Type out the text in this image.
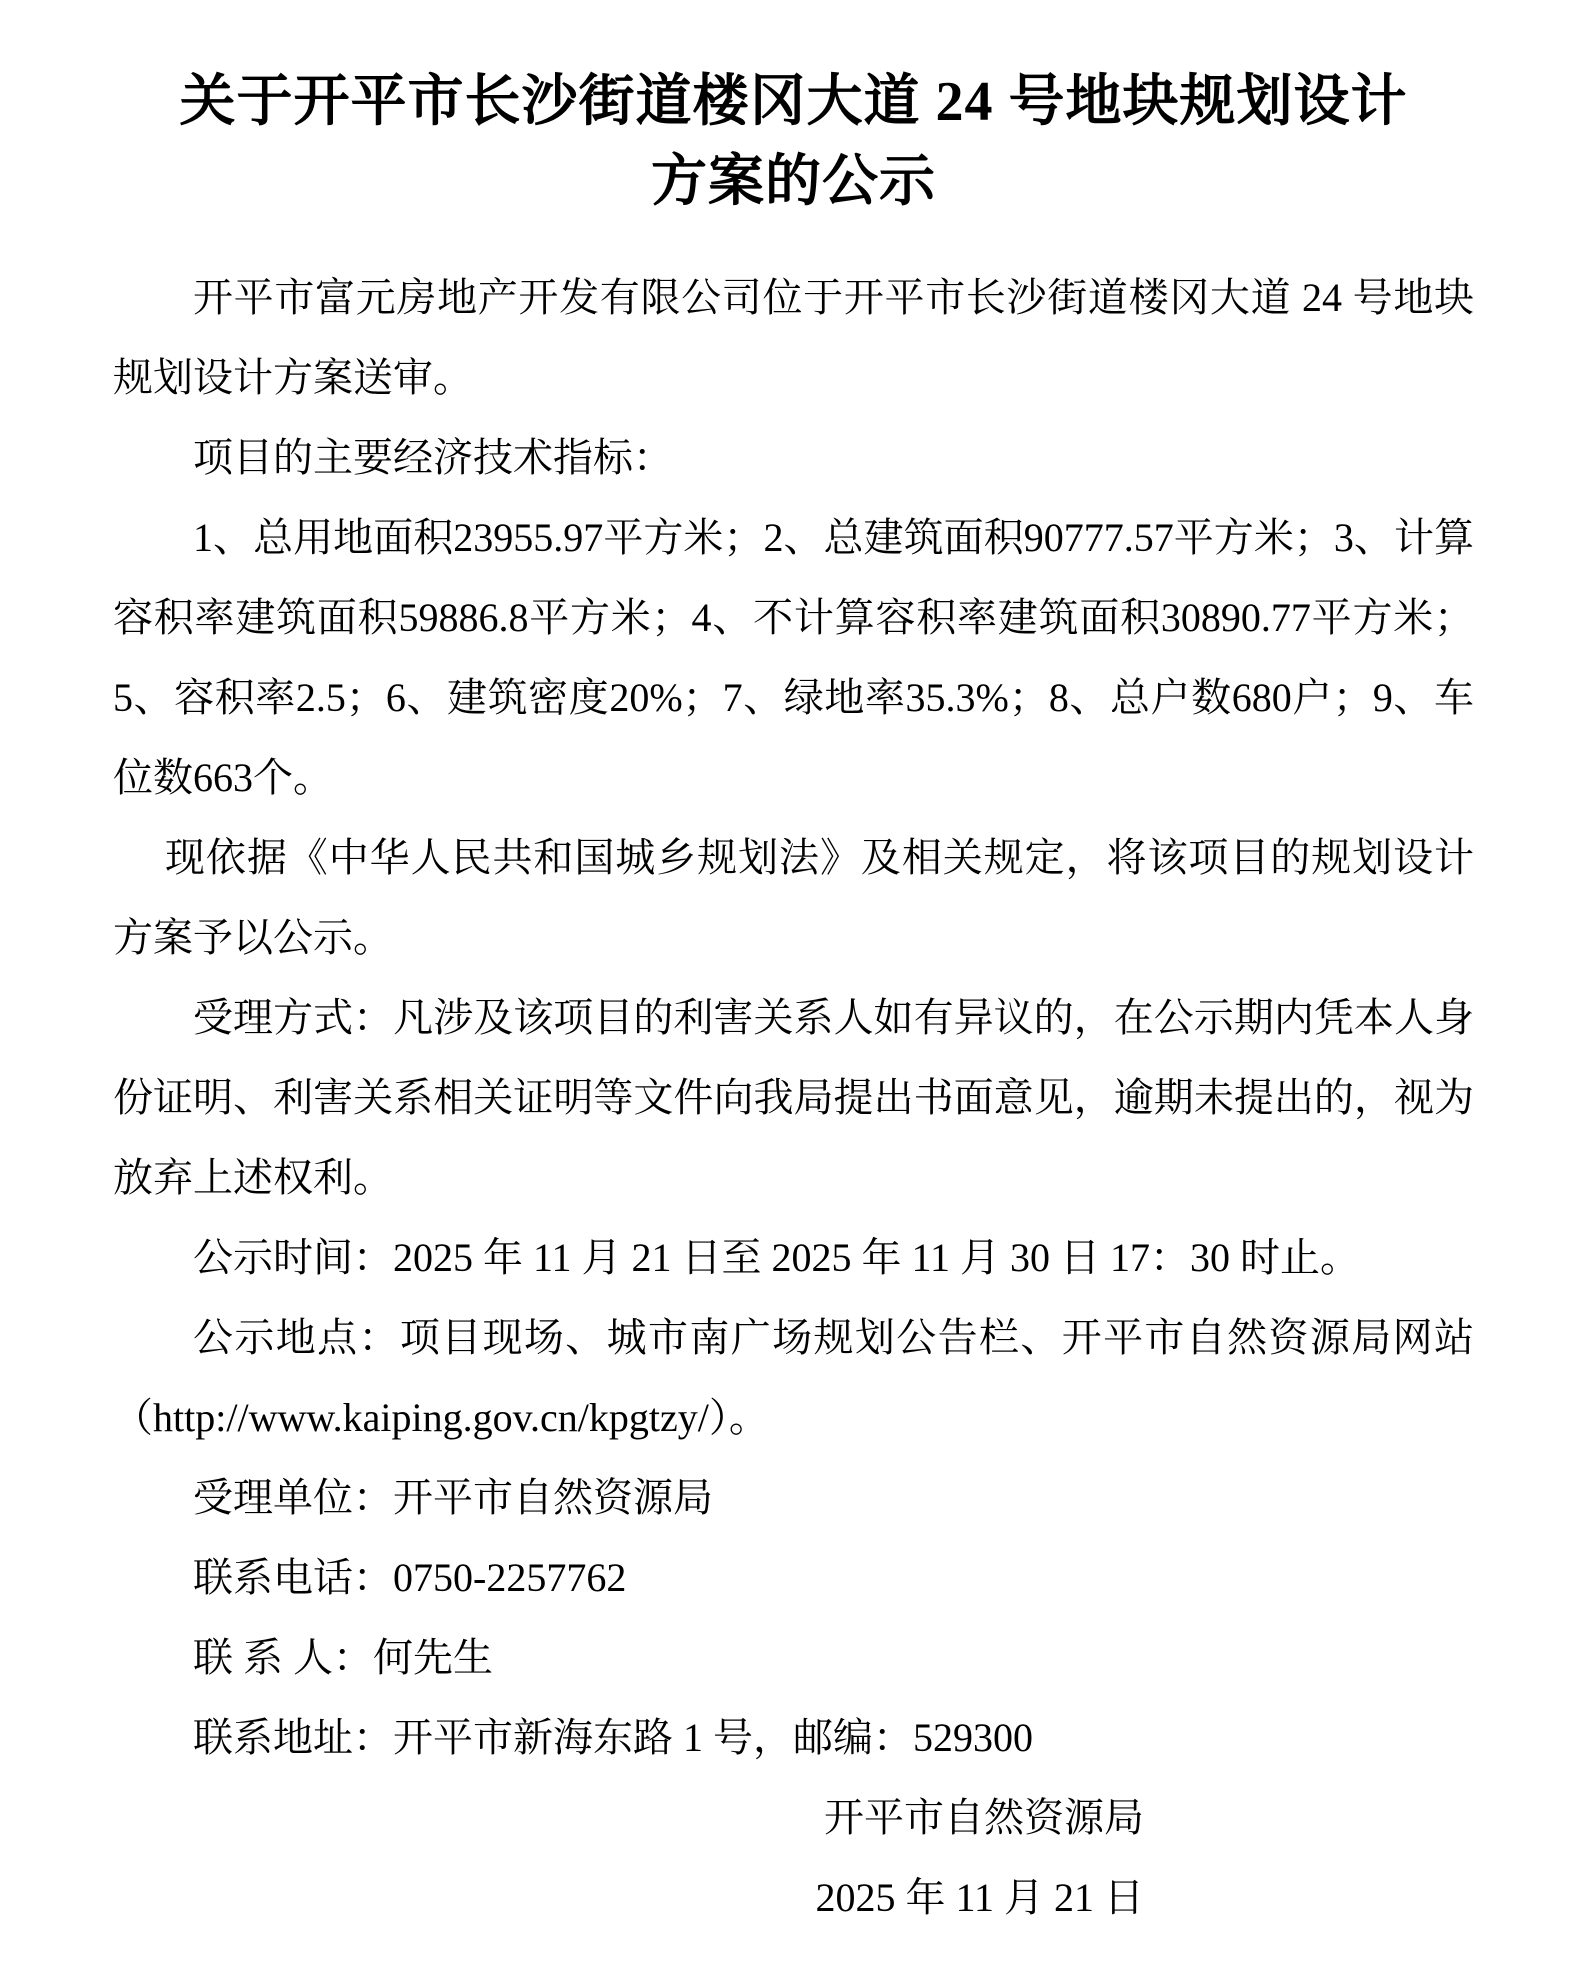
关于开平市长沙街道楼冈大道 24 号地块规划设计
方案的公示

开平市富元房地产开发有限公司位于开平市长沙街道楼冈大道 24 号地块规划设计方案送审。

项目的主要经济技术指标：

1、总用地面积23955.97平方米；2、总建筑面积90777.57平方米；3、计算容积率建筑面积59886.8平方米；4、不计算容积率建筑面积30890.77平方米；5、容积率2.5；6、建筑密度20%；7、绿地率35.3%；8、总户数680户；9、车位数663个。

现依据《中华人民共和国城乡规划法》及相关规定，将该项目的规划设计方案予以公示。

受理方式：凡涉及该项目的利害关系人如有异议的，在公示期内凭本人身份证明、利害关系相关证明等文件向我局提出书面意见，逾期未提出的，视为放弃上述权利。

公示时间：2025 年 11 月 21 日至 2025 年 11 月 30 日 17：30 时止。

公示地点：项目现场、城市南广场规划公告栏、开平市自然资源局网站（http://www.kaiping.gov.cn/kpgtzy/）。

受理单位：开平市自然资源局

联系电话：0750-2257762

联 系 人：何先生

联系地址：开平市新海东路 1 号，邮编：529300

开平市自然资源局
2025 年 11 月 21 日
